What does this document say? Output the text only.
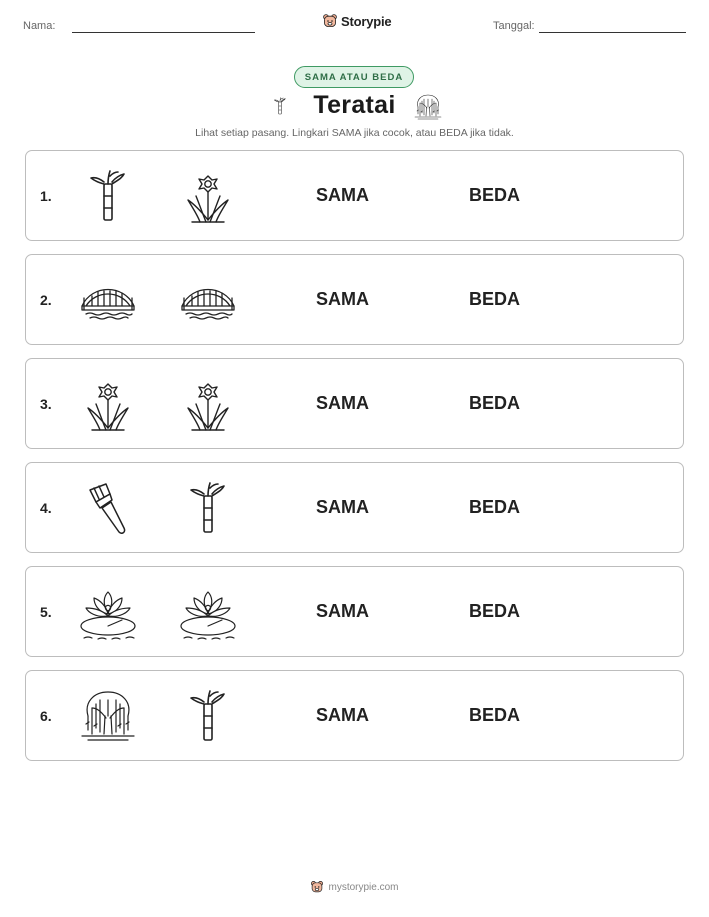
Nama:	Storypie	Tanggal:
SAMA ATAU BEDA
Teratai
Lihat setiap pasang. Lingkari SAMA jika cocok, atau BEDA jika tidak.
1.	SAMA	BEDA
2.	SAMA	BEDA
3.	SAMA	BEDA
4.	SAMA	BEDA
5.	SAMA	BEDA
6.	SAMA	BEDA
mystorypie.com
